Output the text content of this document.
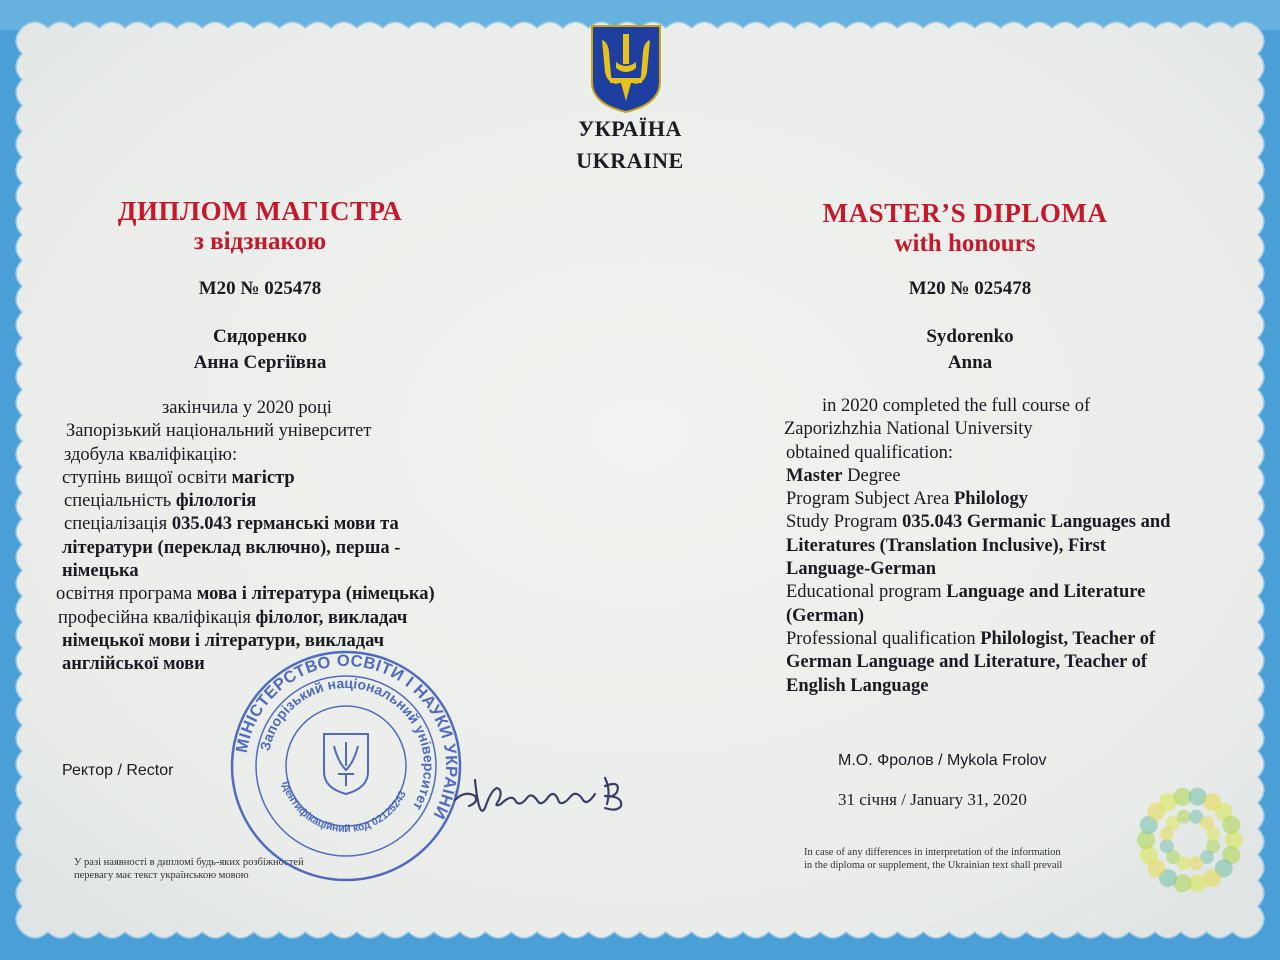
УКРАЇНА
UKRAINE
ДИПЛОМ МАГІСТРА
з відзнакою
М20 № 025478
Сидоренко
Анна Сергіївна
закінчила у 2020 році
Запорізький національний університет
здобула кваліфікацію:
ступінь вищої освіти магістр
спеціальність філологія
спеціалізація 035.043 германські мови та
літератури (переклад включно), перша -
німецька
освітня програма мова і література (німецька)
професійна кваліфікація філолог, викладач
німецької мови і літератури, викладач
англійської мови
Ректор / Rector
У разі наявності в дипломі будь-яких розбіжностей
перевагу має текст українською мовою
MASTER’S DIPLOMA
with honours
М20 № 025478
Sydorenko
Anna
in 2020 completed the full course of
Zaporizhzhia National University
obtained qualification:
Master Degree
Program Subject Area Philology
Study Program 035.043 Germanic Languages and
Literatures (Translation Inclusive), First
Language-German
Educational program Language and Literature
(German)
Professional qualification Philologist, Teacher of
German Language and Literature, Teacher of
English Language
М.О. Фролов / Mykola Frolov
31 січня / January 31, 2020
In case of any differences in interpretation of the information
in the diploma or supplement, the Ukrainian text shall prevail
МІНІСТЕРСТВО ОСВІТИ І НАУКИ УКРАЇНИ
Запорізький національний університет
Ідентифікаційний код 02125243
